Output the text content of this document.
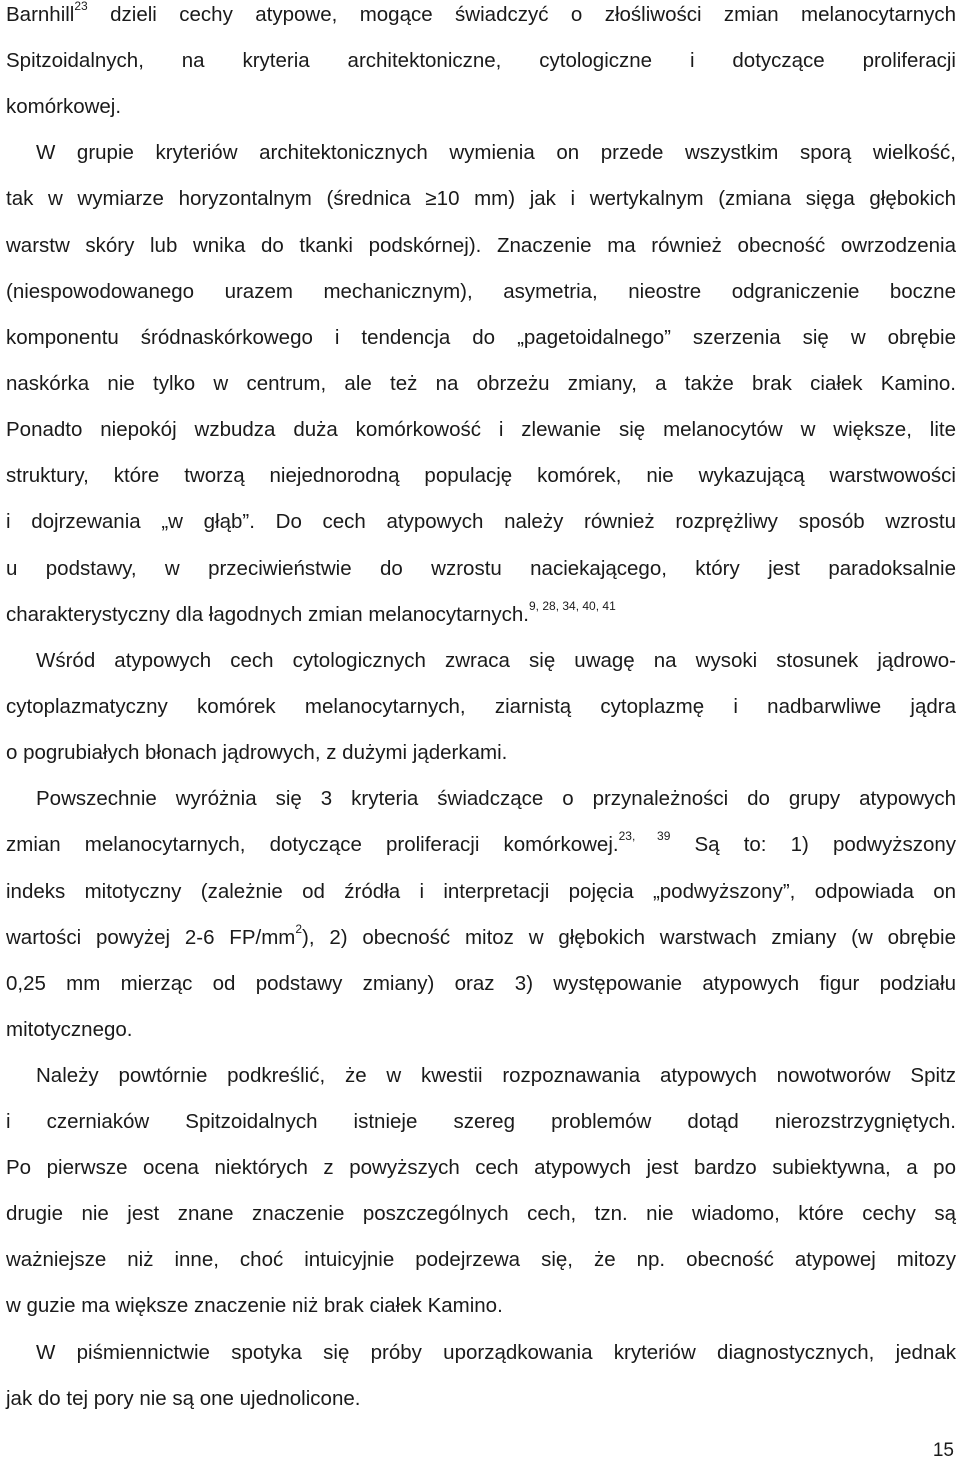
Barnhill$^{23}$ dzieli cechy atypowe, mogące świadczyć o złośliwości zmian melanocytarnych
Spitzoidalnych, na kryteria architektoniczne, cytologiczne i dotyczące proliferacji
komórkowej.
W grupie kryteriów architektonicznych wymienia on przede wszystkim sporą wielkość,
tak w wymiarze horyzontalnym (średnica ≥10 mm) jak i wertykalnym (zmiana sięga głębokich
warstw skóry lub wnika do tkanki podskórnej). Znaczenie ma również obecność owrzodzenia
(niespowodowanego urazem mechanicznym), asymetria, nieostre odgraniczenie boczne
komponentu śródnaskórkowego i tendencja do „pagetoidalnego” szerzenia się w obrębie
naskórka nie tylko w centrum, ale też na obrzeżu zmiany, a także brak ciałek Kamino.
Ponadto niepokój wzbudza duża komórkowość i zlewanie się melanocytów w większe, lite
struktury, które tworzą niejednorodną populację komórek, nie wykazującą warstwowości
i dojrzewania „w głąb”. Do cech atypowych należy również rozprężliwy sposób wzrostu
u podstawy, w przeciwieństwie do wzrostu naciekającego, który jest paradoksalnie
charakterystyczny dla łagodnych zmian melanocytarnych.$^{9, 28, 34, 40, 41}$
Wśród atypowych cech cytologicznych zwraca się uwagę na wysoki stosunek jądrowo-
cytoplazmatyczny komórek melanocytarnych, ziarnistą cytoplazmę i nadbarwliwe jądra
o pogrubiałych błonach jądrowych, z dużymi jąderkami.
Powszechnie wyróżnia się 3 kryteria świadczące o przynależności do grupy atypowych
zmian melanocytarnych, dotyczące proliferacji komórkowej.$^{23, 39}$ Są to: 1) podwyższony
indeks mitotyczny (zależnie od źródła i interpretacji pojęcia „podwyższony”, odpowiada on
wartości powyżej 2-6 $FP/mm^2$), 2) obecność mitoz w głębokich warstwach zmiany (w obrębie
0,25 mm mierząc od podstawy zmiany) oraz 3) występowanie atypowych figur podziału
mitotycznego.
Należy powtórnie podkreślić, że w kwestii rozpoznawania atypowych nowotworów Spitz
i czerniaków Spitzoidalnych istnieje szereg problemów dotąd nierozstrzygniętych.
Po pierwsze ocena niektórych z powyższych cech atypowych jest bardzo subiektywna, a po
drugie nie jest znane znaczenie poszczególnych cech, tzn. nie wiadomo, które cechy są
ważniejsze niż inne, choć intuicyjnie podejrzewa się, że np. obecność atypowej mitozy
w guzie ma większe znaczenie niż brak ciałek Kamino.
W piśmiennictwie spotyka się próby uporządkowania kryteriów diagnostycznych, jednak
jak do tej pory nie są one ujednolicone.
15
